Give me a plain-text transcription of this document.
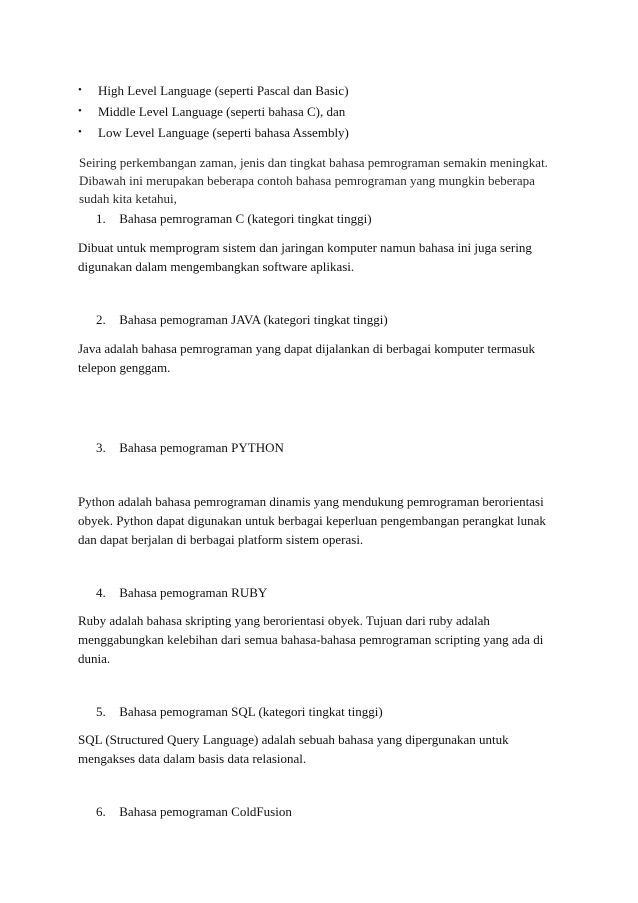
• High Level Language (seperti Pascal dan Basic)
• Middle Level Language (seperti bahasa C), dan
• Low Level Language (seperti bahasa Assembly)
Seiring perkembangan zaman, jenis dan tingkat bahasa pemrograman semakin meningkat.
Dibawah ini merupakan beberapa contoh bahasa pemrograman yang mungkin beberapa
sudah kita ketahui,
1. Bahasa pemrograman C (kategori tingkat tinggi)
Dibuat untuk memprogram sistem dan jaringan komputer namun bahasa ini juga sering
digunakan dalam mengembangkan software aplikasi.
2. Bahasa pemograman JAVA (kategori tingkat tinggi)
Java adalah bahasa pemrograman yang dapat dijalankan di berbagai komputer termasuk
telepon genggam.
3. Bahasa pemograman PYTHON
Python adalah bahasa pemrograman dinamis yang mendukung pemrograman berorientasi
obyek. Python dapat digunakan untuk berbagai keperluan pengembangan perangkat lunak
dan dapat berjalan di berbagai platform sistem operasi.
4. Bahasa pemograman RUBY
Ruby adalah bahasa skripting yang berorientasi obyek. Tujuan dari ruby adalah
menggabungkan kelebihan dari semua bahasa-bahasa pemrograman scripting yang ada di
dunia.
5. Bahasa pemograman SQL (kategori tingkat tinggi)
SQL (Structured Query Language) adalah sebuah bahasa yang dipergunakan untuk
mengakses data dalam basis data relasional.
6. Bahasa pemograman ColdFusion
